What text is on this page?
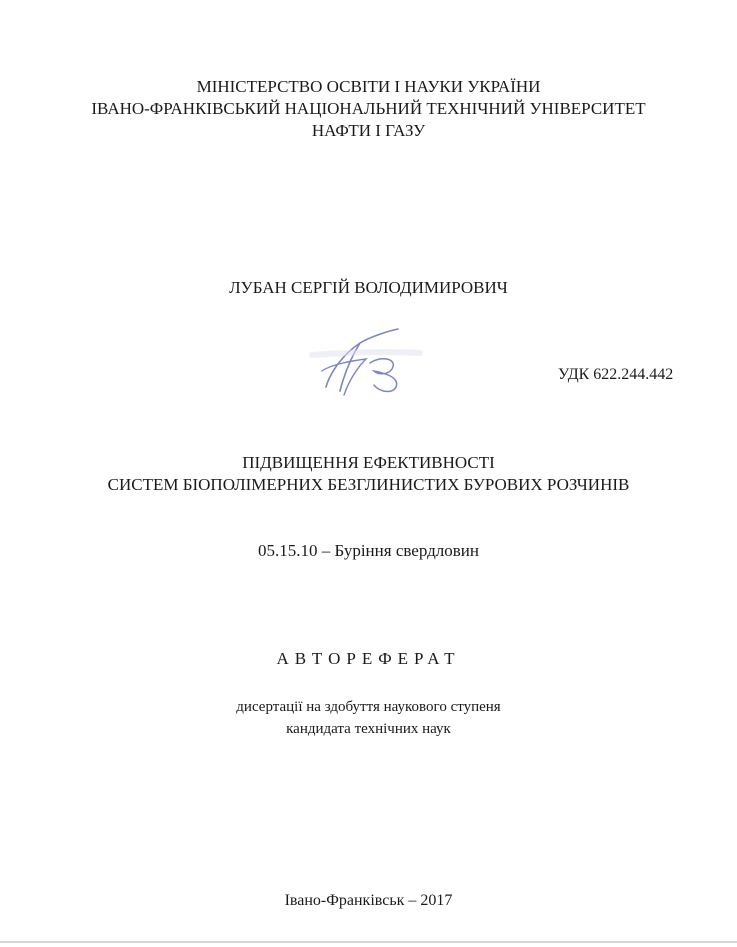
МІНІСТЕРСТВО ОСВІТИ І НАУКИ УКРАЇНИ
ІВАНО-ФРАНКІВСЬКИЙ НАЦІОНАЛЬНИЙ ТЕХНІЧНИЙ УНІВЕРСИТЕТ
НАФТИ І ГАЗУ
ЛУБАН СЕРГІЙ ВОЛОДИМИРОВИЧ
УДК 622.244.442
ПІДВИЩЕННЯ ЕФЕКТИВНОСТІ
СИСТЕМ БІОПОЛІМЕРНИХ БЕЗГЛИНИСТИХ БУРОВИХ РОЗЧИНІВ
05.15.10 – Буріння свердловин
АВТОРЕФЕРАТ
дисертації на здобуття наукового ступеня
кандидата технічних наук
Івано-Франківськ – 2017
